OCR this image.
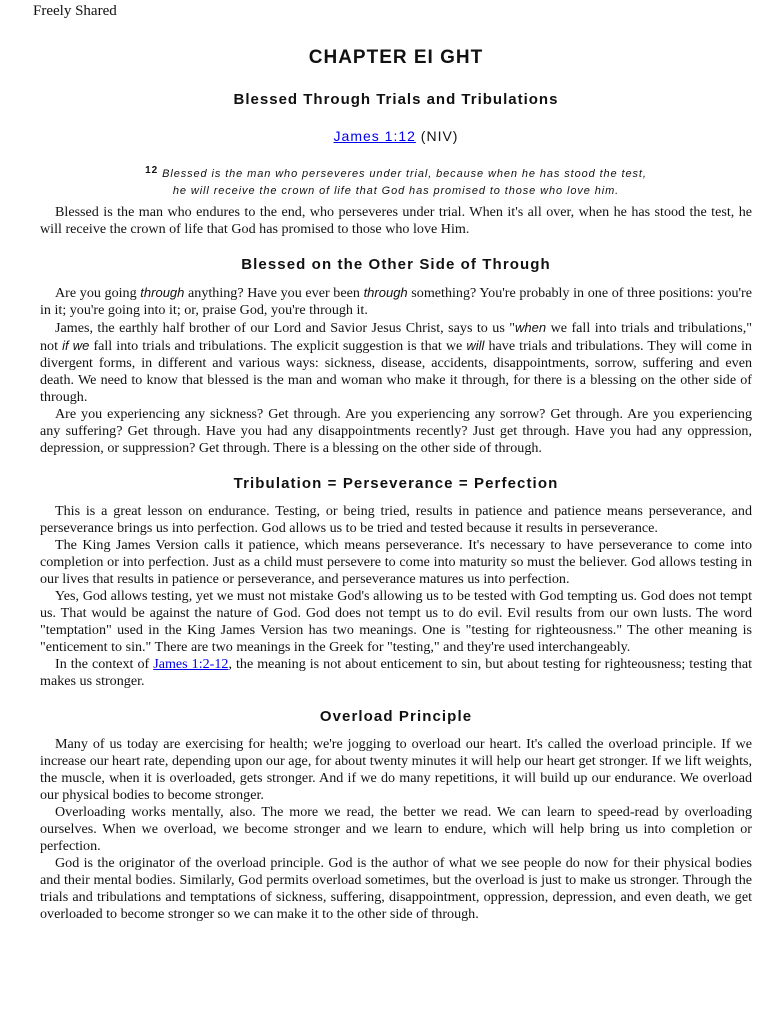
Freely Shared
CHAPTER EI GHT
Blessed Through Trials and Tribulations
James 1:12 (NIV)
$^{12}$ Blessed is the man who perseveres under trial, because when he has stood the test,
he will receive the crown of life that God has promised to those who love him.

Blessed is the man who endures to the end, who perseveres under trial. When it's all over, when he has stood the test, he will receive the crown of life that God has promised to those who love Him.

Blessed on the Other Side of Through

Are you going through anything? Have you ever been through something? You're probably in one of three positions: you're in it; you're going into it; or, praise God, you're through it.

James, the earthly half brother of our Lord and Savior Jesus Christ, says to us "when we fall into trials and tribulations," not if we fall into trials and tribulations. The explicit suggestion is that we will have trials and tribulations. They will come in divergent forms, in different and various ways: sickness, disease, accidents, disappointments, sorrow, suffering and even death. We need to know that blessed is the man and woman who make it through, for there is a blessing on the other side of through.

Are you experiencing any sickness? Get through. Are you experiencing any sorrow? Get through. Are you experiencing any suffering? Get through. Have you had any disappointments recently? Just get through. Have you had any oppression, depression, or suppression? Get through. There is a blessing on the other side of through.

Tribulation = Perseverance = Perfection

This is a great lesson on endurance. Testing, or being tried, results in patience and patience means perseverance, and perseverance brings us into perfection. God allows us to be tried and tested because it results in perseverance.

The King James Version calls it patience, which means perseverance. It's necessary to have perseverance to come into completion or into perfection. Just as a child must persevere to come into maturity so must the believer. God allows testing in our lives that results in patience or perseverance, and perseverance matures us into perfection.

Yes, God allows testing, yet we must not mistake God's allowing us to be tested with God tempting us. God does not tempt us. That would be against the nature of God. God does not tempt us to do evil. Evil results from our own lusts. The word "temptation" used in the King James Version has two meanings. One is "testing for righteousness." The other meaning is "enticement to sin." There are two meanings in the Greek for "testing," and they're used interchangeably.

In the context of James 1:2-12, the meaning is not about enticement to sin, but about testing for righteousness; testing that makes us stronger.

Overload Principle

Many of us today are exercising for health; we're jogging to overload our heart. It's called the overload principle. If we increase our heart rate, depending upon our age, for about twenty minutes it will help our heart get stronger. If we lift weights, the muscle, when it is overloaded, gets stronger. And if we do many repetitions, it will build up our endurance. We overload our physical bodies to become stronger.

Overloading works mentally, also. The more we read, the better we read. We can learn to speed-read by overloading ourselves. When we overload, we become stronger and we learn to endure, which will help bring us into completion or perfection.

God is the originator of the overload principle. God is the author of what we see people do now for their physical bodies and their mental bodies. Similarly, God permits overload sometimes, but the overload is just to make us stronger. Through the trials and tribulations and temptations of sickness, suffering, disappointment, oppression, depression, and even death, we get overloaded to become stronger so we can make it to the other side of through.
